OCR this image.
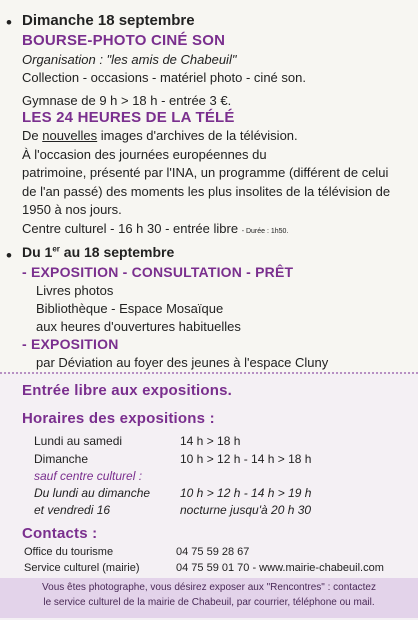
• Dimanche 18 septembre
BOURSE-PHOTO CINÉ SON
Organisation : "les amis de Chabeuil"
Collection - occasions - matériel photo - ciné son.
Gymnase de 9 h > 18 h - entrée 3 €.
LES 24 HEURES DE LA TÉLÉ
De nouvelles images d'archives de la télévision.
À l'occasion des journées européennes du
patrimoine, présenté par l'INA, un programme (différent de celui
de l'an passé) des moments les plus insolites de la télévision de
1950 à nos jours.
Centre culturel - 16 h 30 - entrée libre - Durée : 1h50.
• Du 1er au 18 septembre
- EXPOSITION - CONSULTATION - PRÊT
Livres photos
Bibliothèque - Espace Mosaïque
aux heures d'ouvertures habituelles
- EXPOSITION
par Déviation au foyer des jeunes à l'espace Cluny
Entrée libre aux expositions.
Horaires des expositions :
Lundi au samedi	14 h > 18 h
Dimanche	10 h > 12 h - 14 h > 18 h
sauf centre culturel :
Du lundi au dimanche 10 h > 12 h - 14 h > 19 h
et vendredi 16	nocturne jusqu'à 20 h 30
Contacts :
Office du tourisme	04 75 59 28 67
Service culturel (mairie)	04 75 59 01 70 - www.mairie-chabeuil.com
Vous êtes photographe, vous désirez exposer aux "Rencontres" : contactez
le service culturel de la mairie de Chabeuil, par courrier, téléphone ou mail.
